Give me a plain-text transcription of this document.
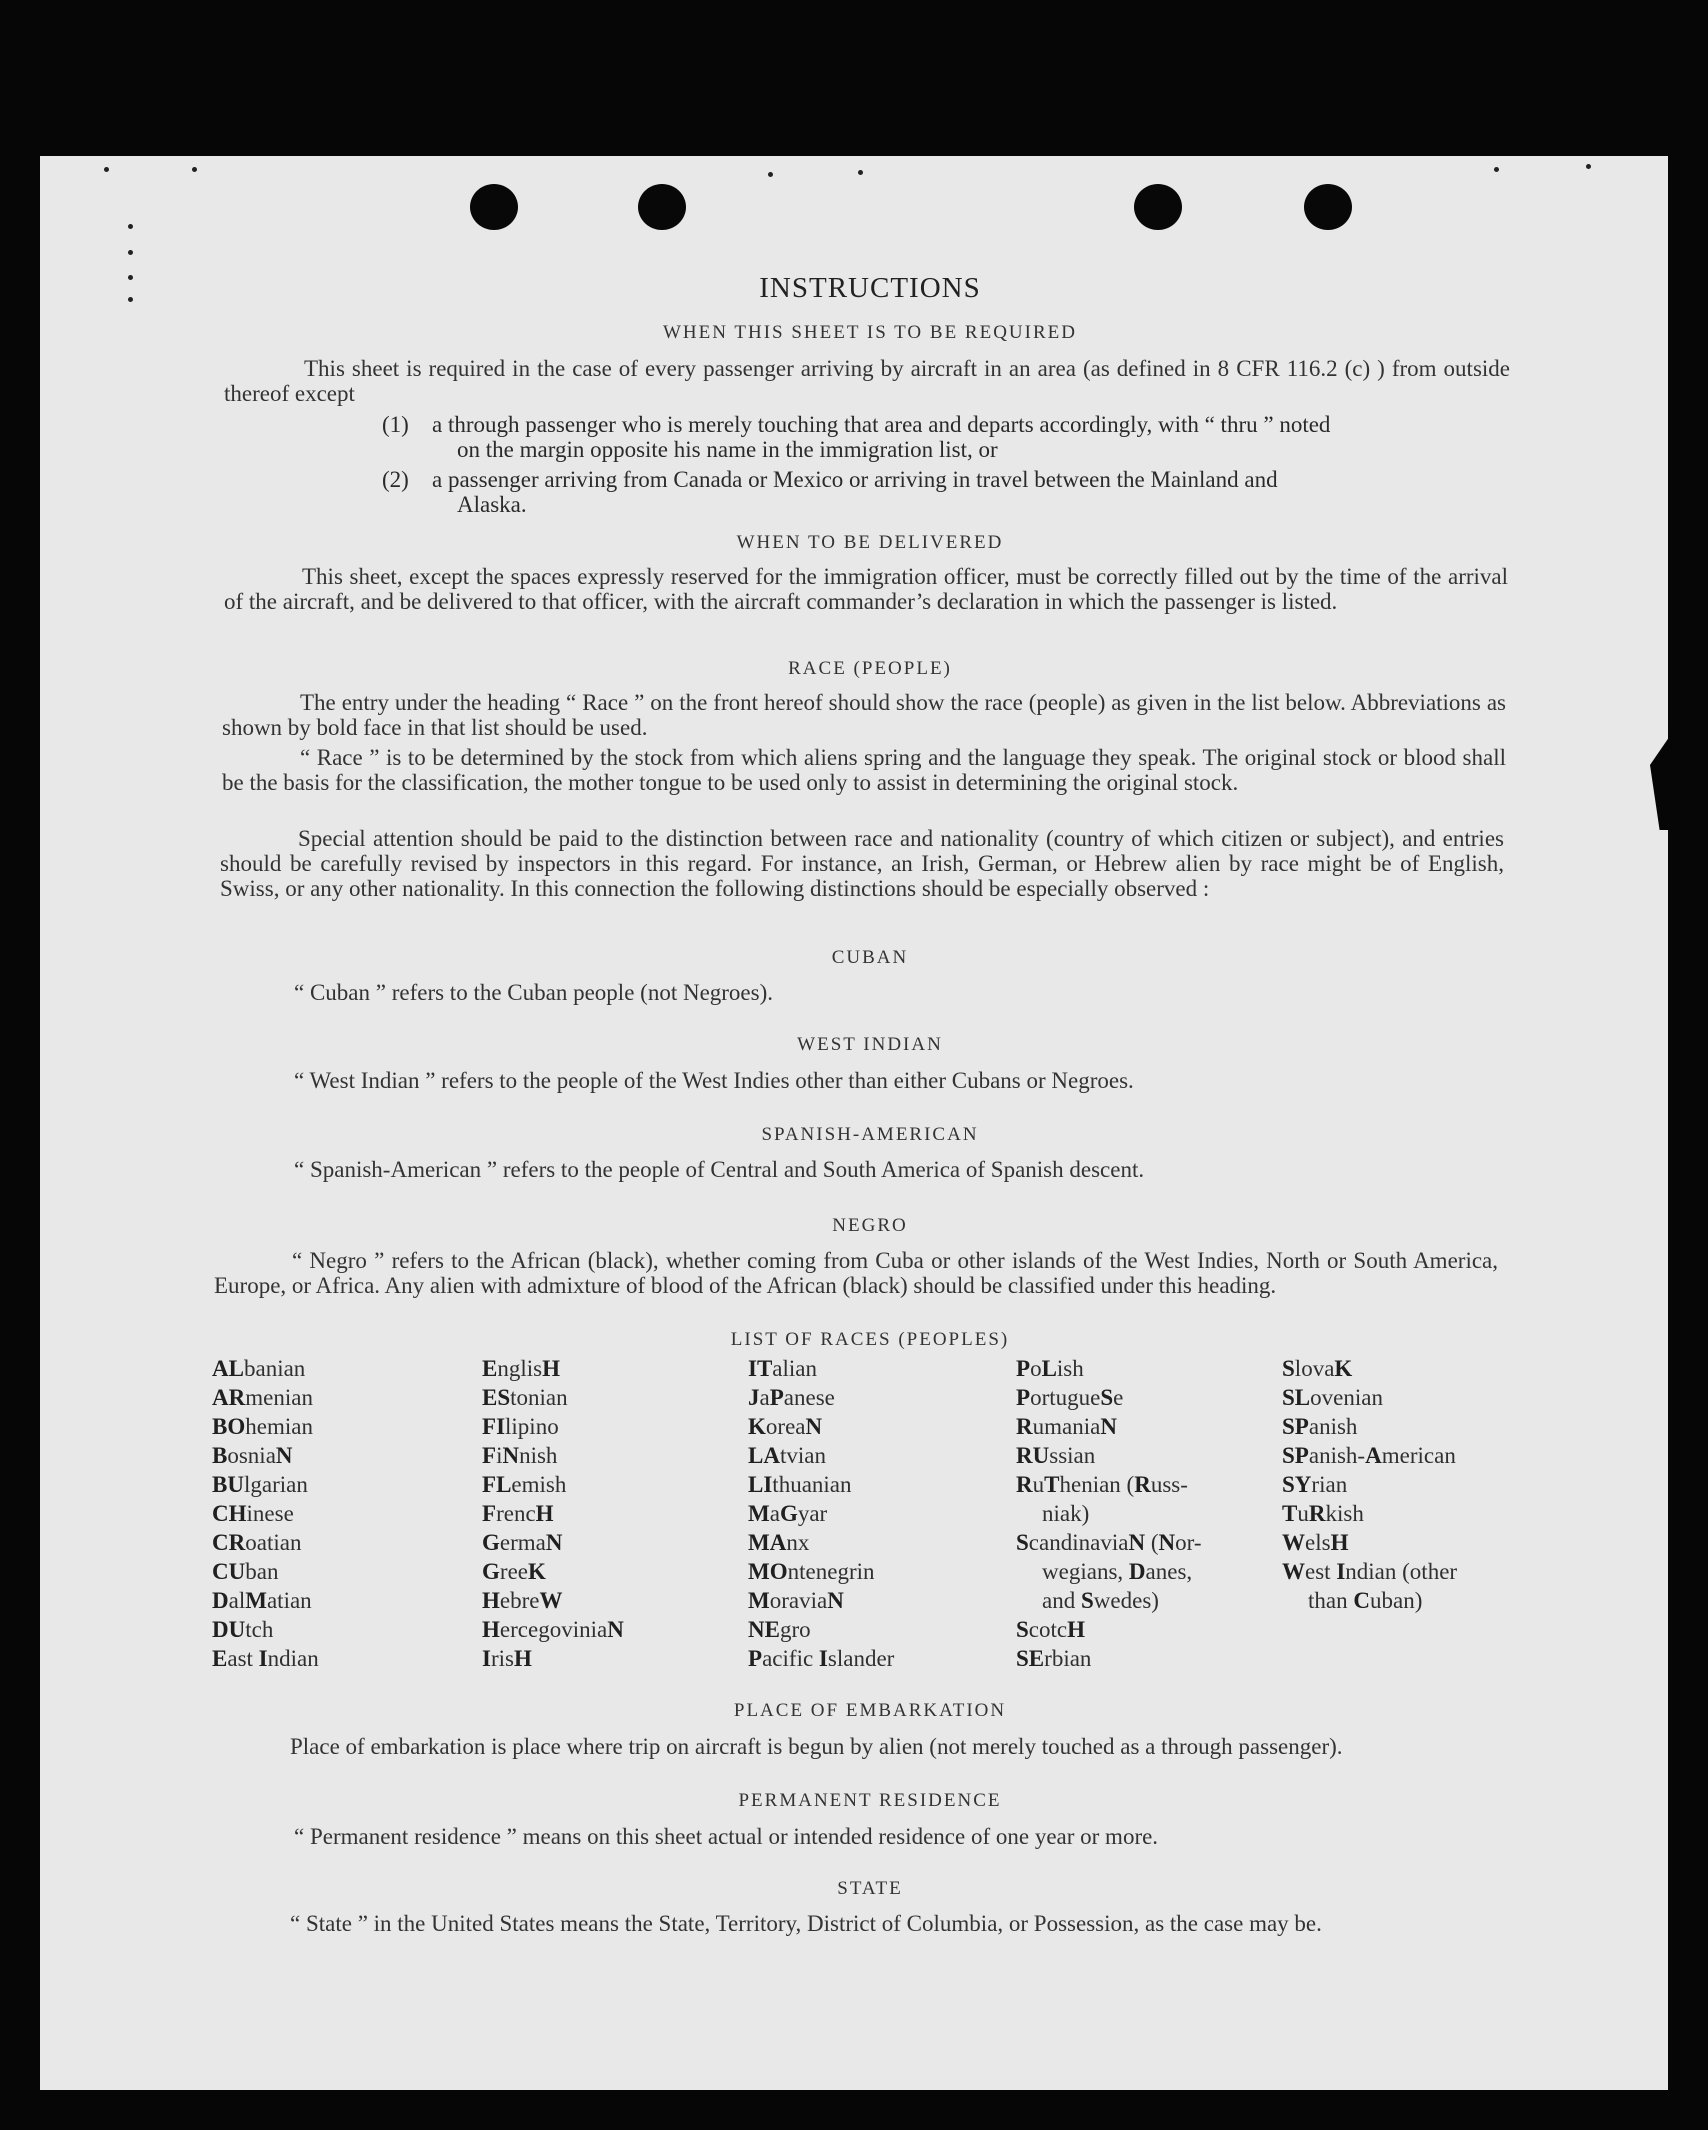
INSTRUCTIONS
WHEN THIS SHEET IS TO BE REQUIRED
This sheet is required in the case of every passenger arriving by aircraft in an area (as defined in 8 CFR 116.2 (c) ) from outside thereof except
(1)	a through passenger who is merely touching that area and departs accordingly, with “ thru ” noted
on the margin opposite his name in the immigration list, or
(2)	a passenger arriving from Canada or Mexico or arriving in travel between the Mainland and
Alaska.
WHEN TO BE DELIVERED
This sheet, except the spaces expressly reserved for the immigration officer, must be correctly filled out by the time of the arrival of the aircraft, and be delivered to that officer, with the aircraft commander’s declaration in which the passenger is listed.
RACE (PEOPLE)
The entry under the heading “ Race ” on the front hereof should show the race (people) as given in the list below. Abbreviations as shown by bold face in that list should be used.
“ Race ” is to be determined by the stock from which aliens spring and the language they speak. The original stock or blood shall be the basis for the classification, the mother tongue to be used only to assist in determining the original stock.
Special attention should be paid to the distinction between race and nationality (country of which citizen or subject), and entries should be carefully revised by inspectors in this regard. For instance, an Irish, German, or Hebrew alien by race might be of English, Swiss, or any other nationality. In this connection the following distinctions should be especially observed :
CUBAN
“ Cuban ” refers to the Cuban people (not Negroes).
WEST INDIAN
“ West Indian ” refers to the people of the West Indies other than either Cubans or Negroes.
SPANISH-AMERICAN
“ Spanish-American ” refers to the people of Central and South America of Spanish descent.
NEGRO
“ Negro ” refers to the African (black), whether coming from Cuba or other islands of the West Indies, North or South America, Europe, or Africa. Any alien with admixture of blood of the African (black) should be classified under this heading.
LIST OF RACES (PEOPLES)
ALbanian
ARmenian
BOhemian
BosniaN
BUlgarian
CHinese
CRoatian
CUban
DalMatian
DUtch
East Indian
EnglisH
EStonian
FIlipino
FiNnish
FLemish
FrencH
GermaN
GreeK
HebreW
HercegoviniaN
IrisH
ITalian
JaPanese
KoreaN
LAtvian
LIthuanian
MaGyar
MAnx
MOntenegrin
MoraviaN
NEgro
Pacific Islander
PoLish
PortugueSe
RumaniaN
RUssian
RuThenian (Russ-
niak)
ScandinaviaN (Nor-
wegians, Danes,
and Swedes)
ScotcH
SErbian
SlovaK
SLovenian
SPanish
SPanish-American
SYrian
TuRkish
WelsH
West Indian (other
than Cuban)
PLACE OF EMBARKATION
Place of embarkation is place where trip on aircraft is begun by alien (not merely touched as a through passenger).
PERMANENT RESIDENCE
“ Permanent residence ” means on this sheet actual or intended residence of one year or more.
STATE
“ State ” in the United States means the State, Territory, District of Columbia, or Possession, as the case may be.
